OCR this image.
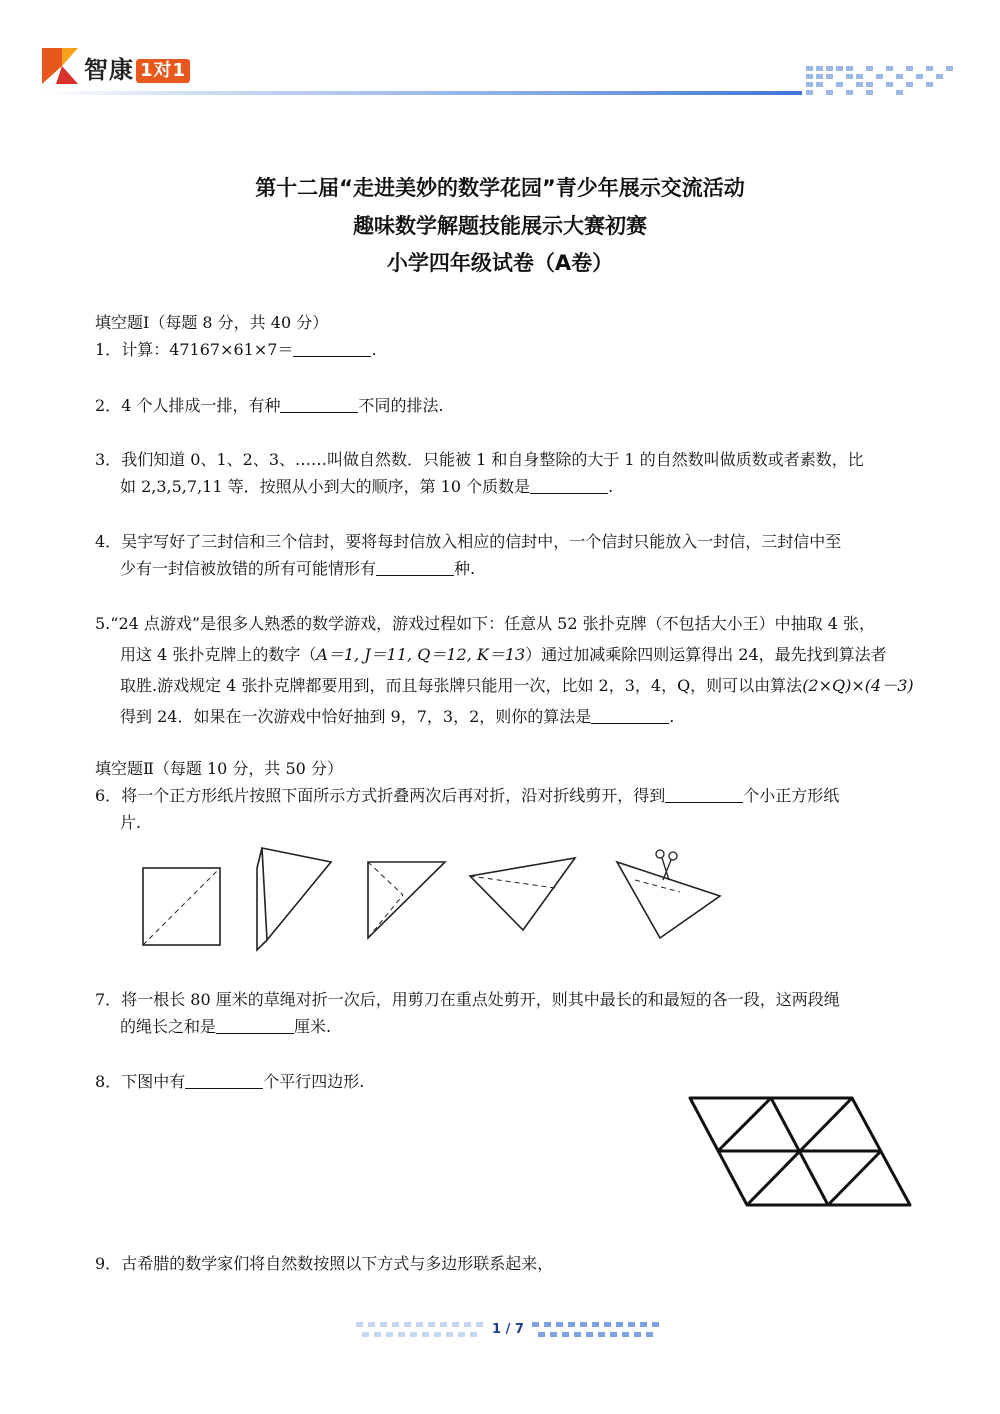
智康 1对1
第十二届“走进美妙的数学花园”青少年展示交流活动
趣味数学解题技能展示大赛初赛
小学四年级试卷（A卷）
填空题Ⅰ（每题 8 分，共 40 分）
1．计算：47167×61×7＝	.
2．4 个人排成一排，有种	不同的排法.
3．我们知道 0、1、2、3、……叫做自然数．只能被 1 和自身整除的大于 1 的自然数叫做质数或者素数，比
如 2,3,5,7,11 等．按照从小到大的顺序，第 10 个质数是	.
4．吴宇写好了三封信和三个信封，要将每封信放入相应的信封中，一个信封只能放入一封信，三封信中至
少有一封信被放错的所有可能情形有	种.
5.“24 点游戏”是很多人熟悉的数学游戏，游戏过程如下：任意从 52 张扑克牌（不包括大小王）中抽取 4 张，
用这 4 张扑克牌上的数字（A＝1, J＝11, Q＝12, K＝13）通过加减乘除四则运算得出 24，最先找到算法者
取胜.游戏规定 4 张扑克牌都要用到，而且每张牌只能用一次，比如 2，3，4，Q，则可以由算法(2×Q)×(4－3)
得到 24．如果在一次游戏中恰好抽到 9，7，3，2，则你的算法是	.
填空题Ⅱ（每题 10 分，共 50 分）
6．将一个正方形纸片按照下面所示方式折叠两次后再对折，沿对折线剪开，得到	个小正方形纸
片.
7．将一根长 80 厘米的草绳对折一次后，用剪刀在重点处剪开，则其中最长的和最短的各一段，这两段绳
的绳长之和是	厘米.
8．下图中有	个平行四边形.
9．古希腊的数学家们将自然数按照以下方式与多边形联系起来，
1 / 7
